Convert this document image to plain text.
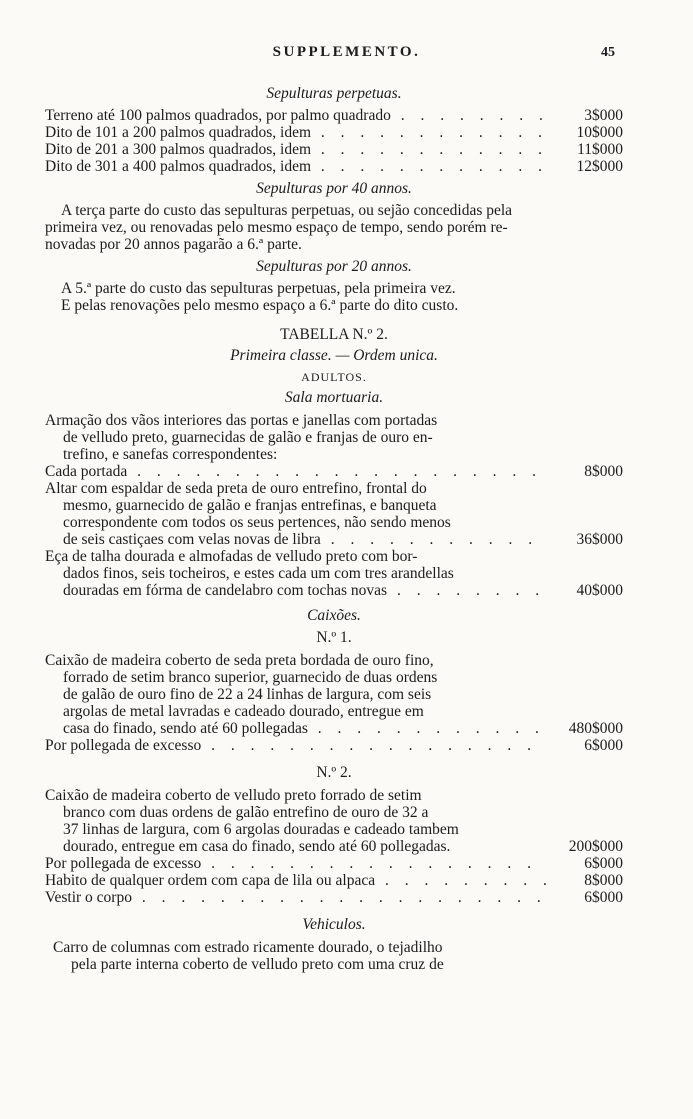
SUPPLEMENTO.	45
Sepulturas perpetuas.
Terreno até 100 palmos quadrados, por palmo quadrado . . .	3$000
Dito de 101 a 200 palmos quadrados, idem . . .	10$000
Dito de 201 a 300 palmos quadrados, idem . . .	11$000
Dito de 301 a 400 palmos quadrados, idem . . .	12$000
Sepulturas por 40 annos.
A terça parte do custo das sepulturas perpetuas, ou sejão concedidas pela
primeira vez, ou renovadas pelo mesmo espaço de tempo, sendo porém re-
novadas por 20 annos pagarão a 6.ª parte.
Sepulturas por 20 annos.
A 5.ª parte do custo das sepulturas perpetuas, pela primeira vez.
E pelas renovações pelo mesmo espaço a 6.ª parte do dito custo.
TABELLA N.º 2.
Primeira classe. — Ordem unica.
ADULTOS.
Sala mortuaria.
Armação dos vãos interiores das portas e janellas com portadas
de velludo preto, guarnecidas de galão e franjas de ouro en-
trefino, e sanefas correspondentes:
Cada portada . . .	8$000
Altar com espaldar de seda preta de ouro entrefino, frontal do
mesmo, guarnecido de galão e franjas entrefinas, e banqueta
correspondente com todos os seus pertences, não sendo menos
de seis castiçaes com velas novas de libra . . .	36$000
Eça de talha dourada e almofadas de velludo preto com bor-
dados finos, seis tocheiros, e estes cada um com tres arandellas
douradas em fórma de candelabro com tochas novas . . .	40$000
Caixões.
N.º 1.
Caixão de madeira coberto de seda preta bordada de ouro fino,
forrado de setim branco superior, guarnecido de duas ordens
de galão de ouro fino de 22 a 24 linhas de largura, com seis
argolas de metal lavradas e cadeado dourado, entregue em
casa do finado, sendo até 60 pollegadas . . .	480$000
Por pollegada de excesso . . .	6$000
N.º 2.
Caixão de madeira coberto de velludo preto forrado de setim
branco com duas ordens de galão entrefino de ouro de 32 a
37 linhas de largura, com 6 argolas douradas e cadeado tambem
dourado, entregue em casa do finado, sendo até 60 pollegadas.	200$000
Por pollegada de excesso . . .	6$000
Habito de qualquer ordem com capa de lila ou alpaca . . .	8$000
Vestir o corpo . . .	6$000
Vehiculos.
Carro de columnas com estrado ricamente dourado, o tejadilho
pela parte interna coberto de velludo preto com uma cruz de
